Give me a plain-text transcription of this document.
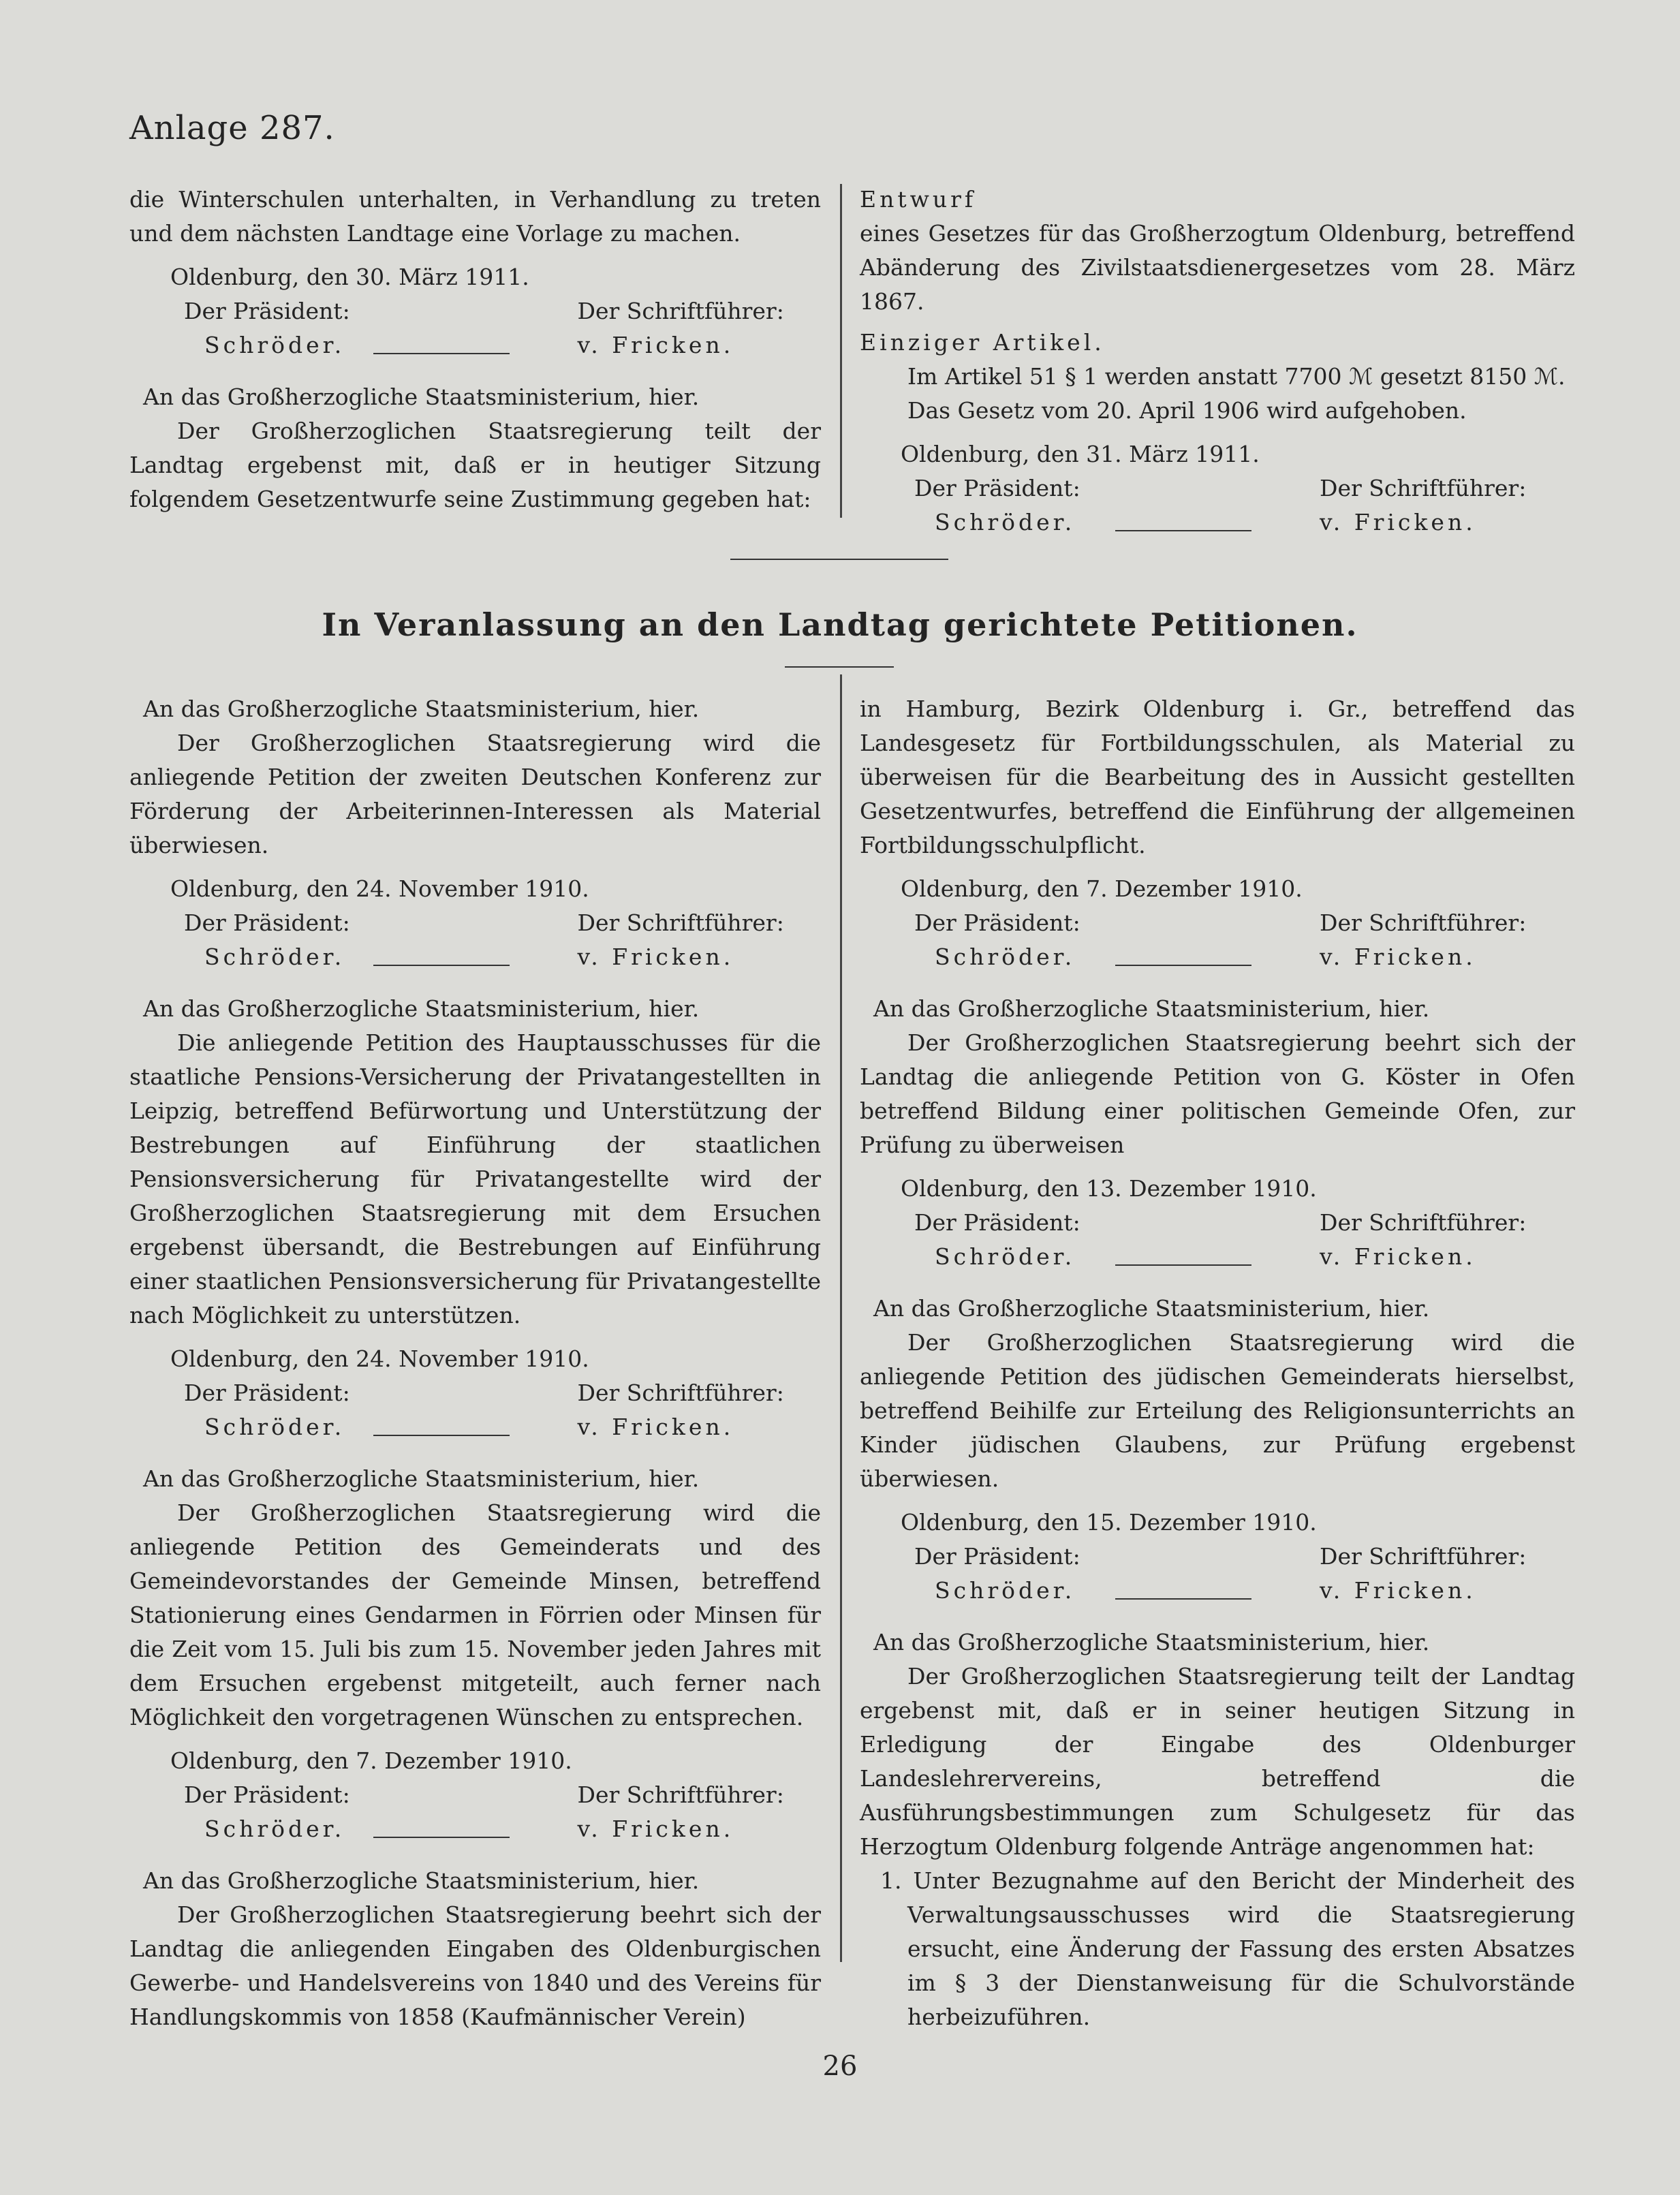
Anlage 287.

die Winterschulen unterhalten, in Verhandlung zu treten und dem nächsten Landtage eine Vorlage zu machen.

Oldenburg, den 30. März 1911.

Der Präsident:	Der Schriftführer:
Schröder.	v. Fricken.

An das Großherzogliche Staatsministerium, hier.

Der Großherzoglichen Staatsregierung teilt der Landtag ergebenst mit, daß er in heutiger Sitzung folgendem Gesetzentwurfe seine Zustimmung gegeben hat:

Entwurf

eines Gesetzes für das Großherzogtum Oldenburg, betreffend Abänderung des Zivilstaatsdienergesetzes vom 28. März 1867.

Einziger Artikel.

Im Artikel 51 § 1 werden anstatt 7700 ℳ gesetzt 8150 ℳ.

Das Gesetz vom 20. April 1906 wird aufgehoben.

Oldenburg, den 31. März 1911.

Der Präsident:	Der Schriftführer:
Schröder.	v. Fricken.
In Veranlassung an den Landtag gerichtete Petitionen.

An das Großherzogliche Staatsministerium, hier.

Der Großherzoglichen Staatsregierung wird die anliegende Petition der zweiten Deutschen Konferenz zur Förderung der Arbeiterinnen-Interessen als Material überwiesen.

Oldenburg, den 24. November 1910.

Der Präsident:	Der Schriftführer:
Schröder.	v. Fricken.

An das Großherzogliche Staatsministerium, hier.

Die anliegende Petition des Hauptausschusses für die staatliche Pensions-Versicherung der Privatangestellten in Leipzig, betreffend Befürwortung und Unterstützung der Bestrebungen auf Einführung der staatlichen Pensionsversicherung für Privatangestellte wird der Großherzoglichen Staatsregierung mit dem Ersuchen ergebenst übersandt, die Bestrebungen auf Einführung einer staatlichen Pensionsversicherung für Privatangestellte nach Möglichkeit zu unterstützen.

Oldenburg, den 24. November 1910.

Der Präsident:	Der Schriftführer:
Schröder.	v. Fricken.

An das Großherzogliche Staatsministerium, hier.

Der Großherzoglichen Staatsregierung wird die anliegende Petition des Gemeinderats und des Gemeindevorstandes der Gemeinde Minsen, betreffend Stationierung eines Gendarmen in Förrien oder Minsen für die Zeit vom 15. Juli bis zum 15. November jeden Jahres mit dem Ersuchen ergebenst mitgeteilt, auch ferner nach Möglichkeit den vorgetragenen Wünschen zu entsprechen.

Oldenburg, den 7. Dezember 1910.

Der Präsident:	Der Schriftführer:
Schröder.	v. Fricken.

An das Großherzogliche Staatsministerium, hier.

Der Großherzoglichen Staatsregierung beehrt sich der Landtag die anliegenden Eingaben des Oldenburgischen Gewerbe- und Handelsvereins von 1840 und des Vereins für Handlungskommis von 1858 (Kaufmännischer Verein)

in Hamburg, Bezirk Oldenburg i. Gr., betreffend das Landesgesetz für Fortbildungsschulen, als Material zu überweisen für die Bearbeitung des in Aussicht gestellten Gesetzentwurfes, betreffend die Einführung der allgemeinen Fortbildungsschulpflicht.

Oldenburg, den 7. Dezember 1910.

Der Präsident:	Der Schriftführer:
Schröder.	v. Fricken.

An das Großherzogliche Staatsministerium, hier.

Der Großherzoglichen Staatsregierung beehrt sich der Landtag die anliegende Petition von G. Köster in Ofen betreffend Bildung einer politischen Gemeinde Ofen, zur Prüfung zu überweisen

Oldenburg, den 13. Dezember 1910.

Der Präsident:	Der Schriftführer:
Schröder.	v. Fricken.

An das Großherzogliche Staatsministerium, hier.

Der Großherzoglichen Staatsregierung wird die anliegende Petition des jüdischen Gemeinderats hierselbst, betreffend Beihilfe zur Erteilung des Religionsunterrichts an Kinder jüdischen Glaubens, zur Prüfung ergebenst überwiesen.

Oldenburg, den 15. Dezember 1910.

Der Präsident:	Der Schriftführer:
Schröder.	v. Fricken.

An das Großherzogliche Staatsministerium, hier.

Der Großherzoglichen Staatsregierung teilt der Landtag ergebenst mit, daß er in seiner heutigen Sitzung in Erledigung der Eingabe des Oldenburger Landeslehrervereins, betreffend die Ausführungsbestimmungen zum Schulgesetz für das Herzogtum Oldenburg folgende Anträge angenommen hat:

1. Unter Bezugnahme auf den Bericht der Minderheit des Verwaltungsausschusses wird die Staatsregierung ersucht, eine Änderung der Fassung des ersten Absatzes im § 3 der Dienstanweisung für die Schulvorstände herbeizuführen.

26
